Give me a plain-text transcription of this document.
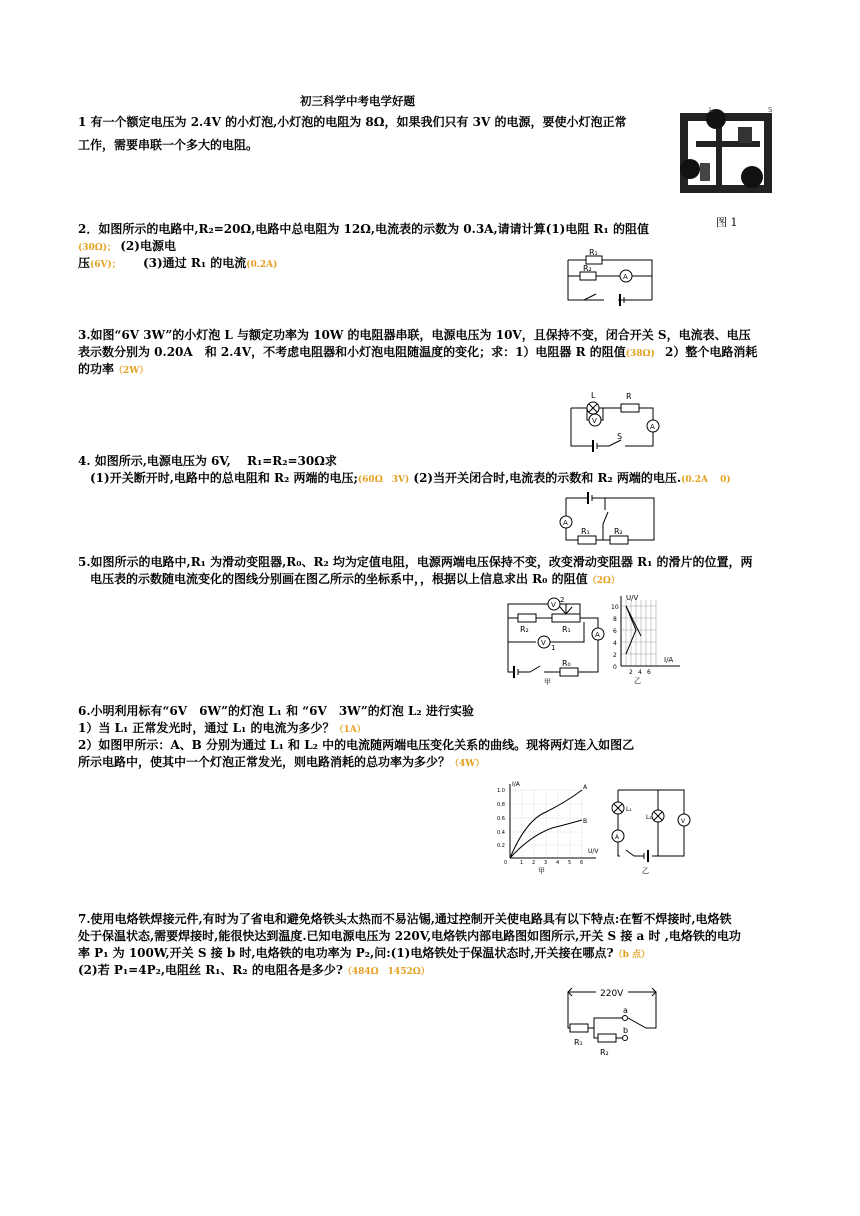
初三科学中考电学好题
1 有一个额定电压为 2.4V 的小灯泡,小灯泡的电阻为 8Ω，如果我们只有 3V 的电源，要使小灯泡正常
工作，需要串联一个多大的电阻。
L	S
图 1
2．如图所示的电路中,R₂=20Ω,电路中总电阻为 12Ω,电流表的示数为 0.3A,请请计算(1)电阻 R₁ 的阻值
(30Ω)； (2)电源电
压(6V)； (3)通过 R₁ 的电流(0.2A)
R₁
R₂
A
3.如图“6V 3W”的小灯泡 L 与额定功率为 10W 的电阻器串联，电源电压为 10V，且保持不变，闭合开关 S，电流表、电压
表示数分别为 0.20A　和 2.4V，不考虑电阻器和小灯泡电阻随温度的变化；求：1）电阻器 R 的阻值(38Ω) 2）整个电路消耗
的功率（2W）
L	R
V
A
S
4. 如图所示,电源电压为 6V,　 R₁=R₂=30Ω求
(1)开关断开时,电路中的总电阻和 R₂ 两端的电压;(60Ω　3V) (2)当开关闭合时,电流表的示数和 R₂ 两端的电压.(0.2A　 0)
A
R₁	R₂
5.如图所示的电路中,R₁ 为滑动变阻器,R₀、R₂ 均为定值电阻，电源两端电压保持不变，改变滑动变阻器 R₁ 的滑片的位置，两
电压表的示数随电流变化的图线分别画在图乙所示的坐标系中，，根据以上信息求出 R₀ 的阻值（2Ω）
V
2
V
1
R₂	R₁
R₀
A
甲
U/V
I/A
10
8
6
4
2
0
2 4 6
乙
6.小明利用标有“6V　6W”的灯泡 L₁ 和 “6V　3W”的灯泡 L₂ 进行实验
1）当 L₁ 正常发光时，通过 L₁ 的电流为多少？（1A）
2）如图甲所示：A、B 分别为通过 L₁ 和 L₂ 中的电流随两端电压变化关系的曲线。现将两灯连入如图乙
所示电路中，使其中一个灯泡正常发光，则电路消耗的总功率为多少？（4W）
I/A
U/V
A
B
1.0
0.8
0.6
0.4
0.2
0	1 2 3 4 5 6
甲
L₁
L₂
A
V
乙
7.使用电烙铁焊接元件,有时为了省电和避免烙铁头太热而不易沾锡,通过控制开关使电路具有以下特点:在暂不焊接时,电烙铁
处于保温状态,需要焊接时,能很快达到温度.已知电源电压为 220V,电烙铁内部电路图如图所示,开关 S 接 a 时 ,电烙铁的电功
率 P₁ 为 100W,开关 S 接 b 时,电烙铁的电功率为 P₂,问:(1)电烙铁处于保温状态时,开关接在哪点?（b 点）
(2)若 P₁=4P₂,电阻丝 R₁、R₂ 的电阻各是多少?（484Ω　1452Ω）
220V
a
b
R₁
R₂
